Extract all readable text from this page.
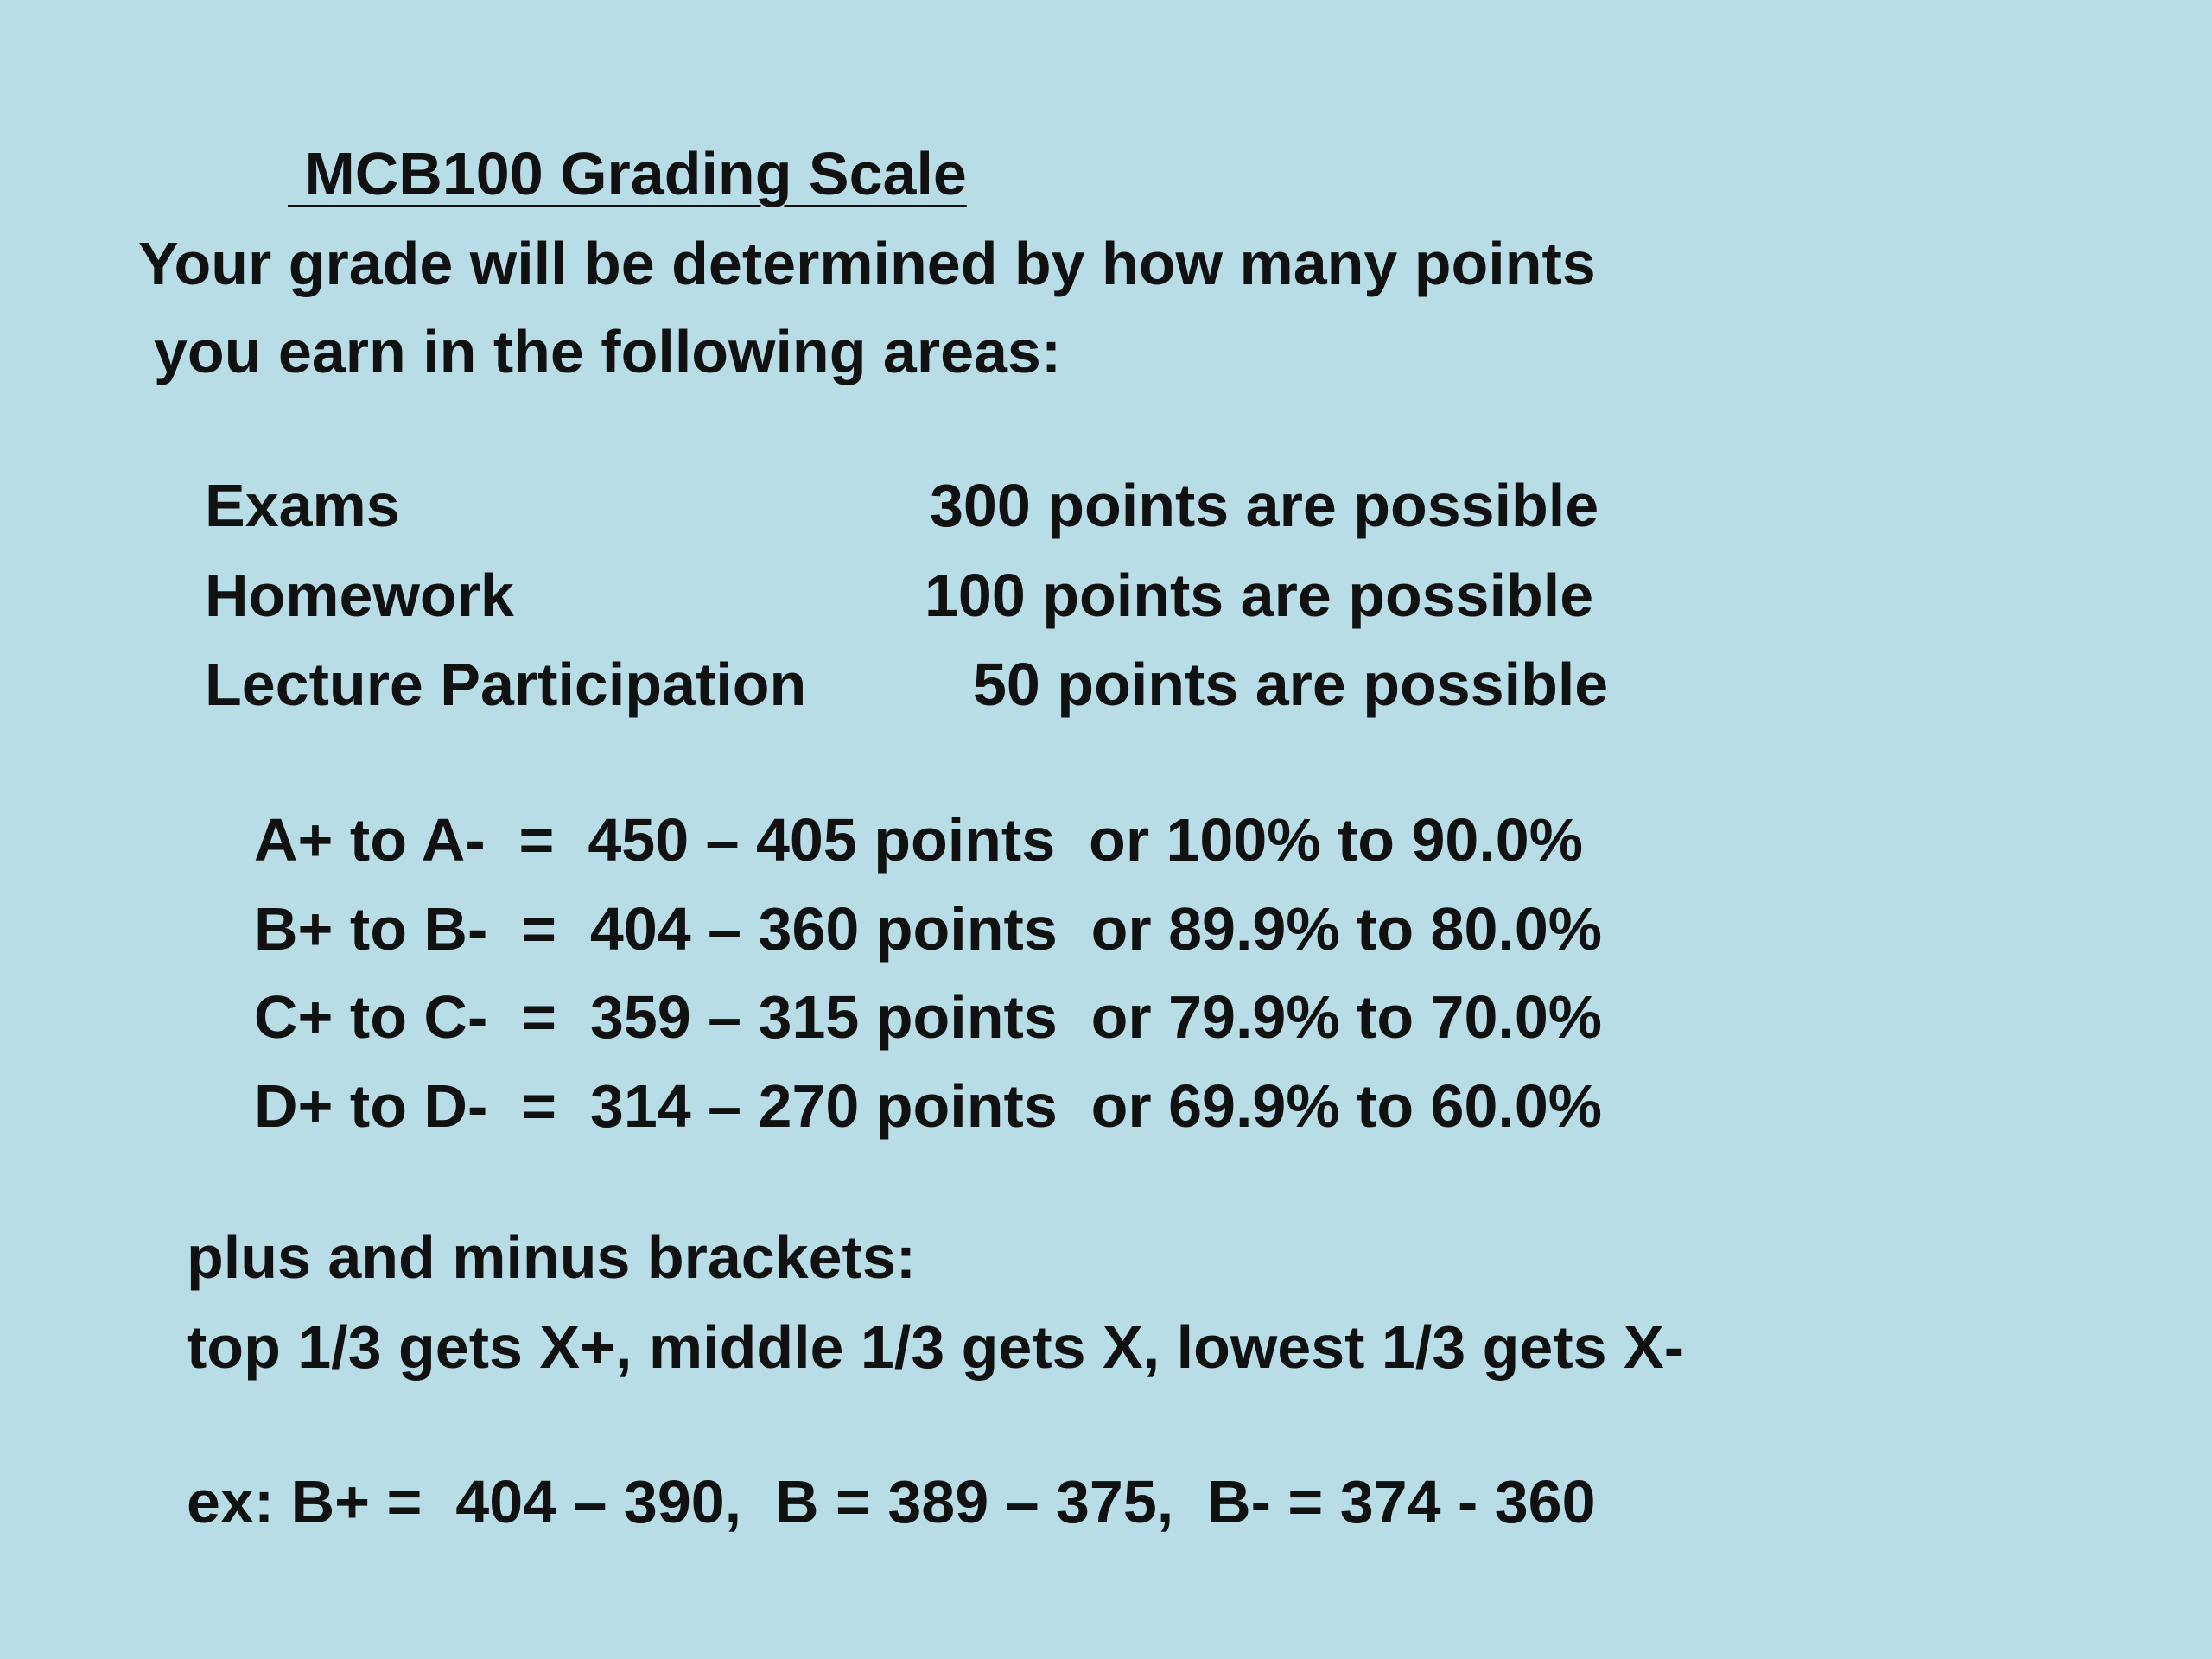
MCB100 Grading Scale
Your grade will be determined by how many points
you earn in the following areas:
Exams	300 points are possible
Homework	100 points are possible
Lecture Participation	50 points are possible
A+ to A-  =  450 – 405 points  or 100% to 90.0%
B+ to B-  =  404 – 360 points  or 89.9% to 80.0%
C+ to C-  =  359 – 315 points  or 79.9% to 70.0%
D+ to D-  =  314 – 270 points  or 69.9% to 60.0%
plus and minus brackets:
top 1/3 gets X+, middle 1/3 gets X, lowest 1/3 gets X-
ex: B+ =  404 – 390,  B = 389 – 375,  B- = 374 - 360
